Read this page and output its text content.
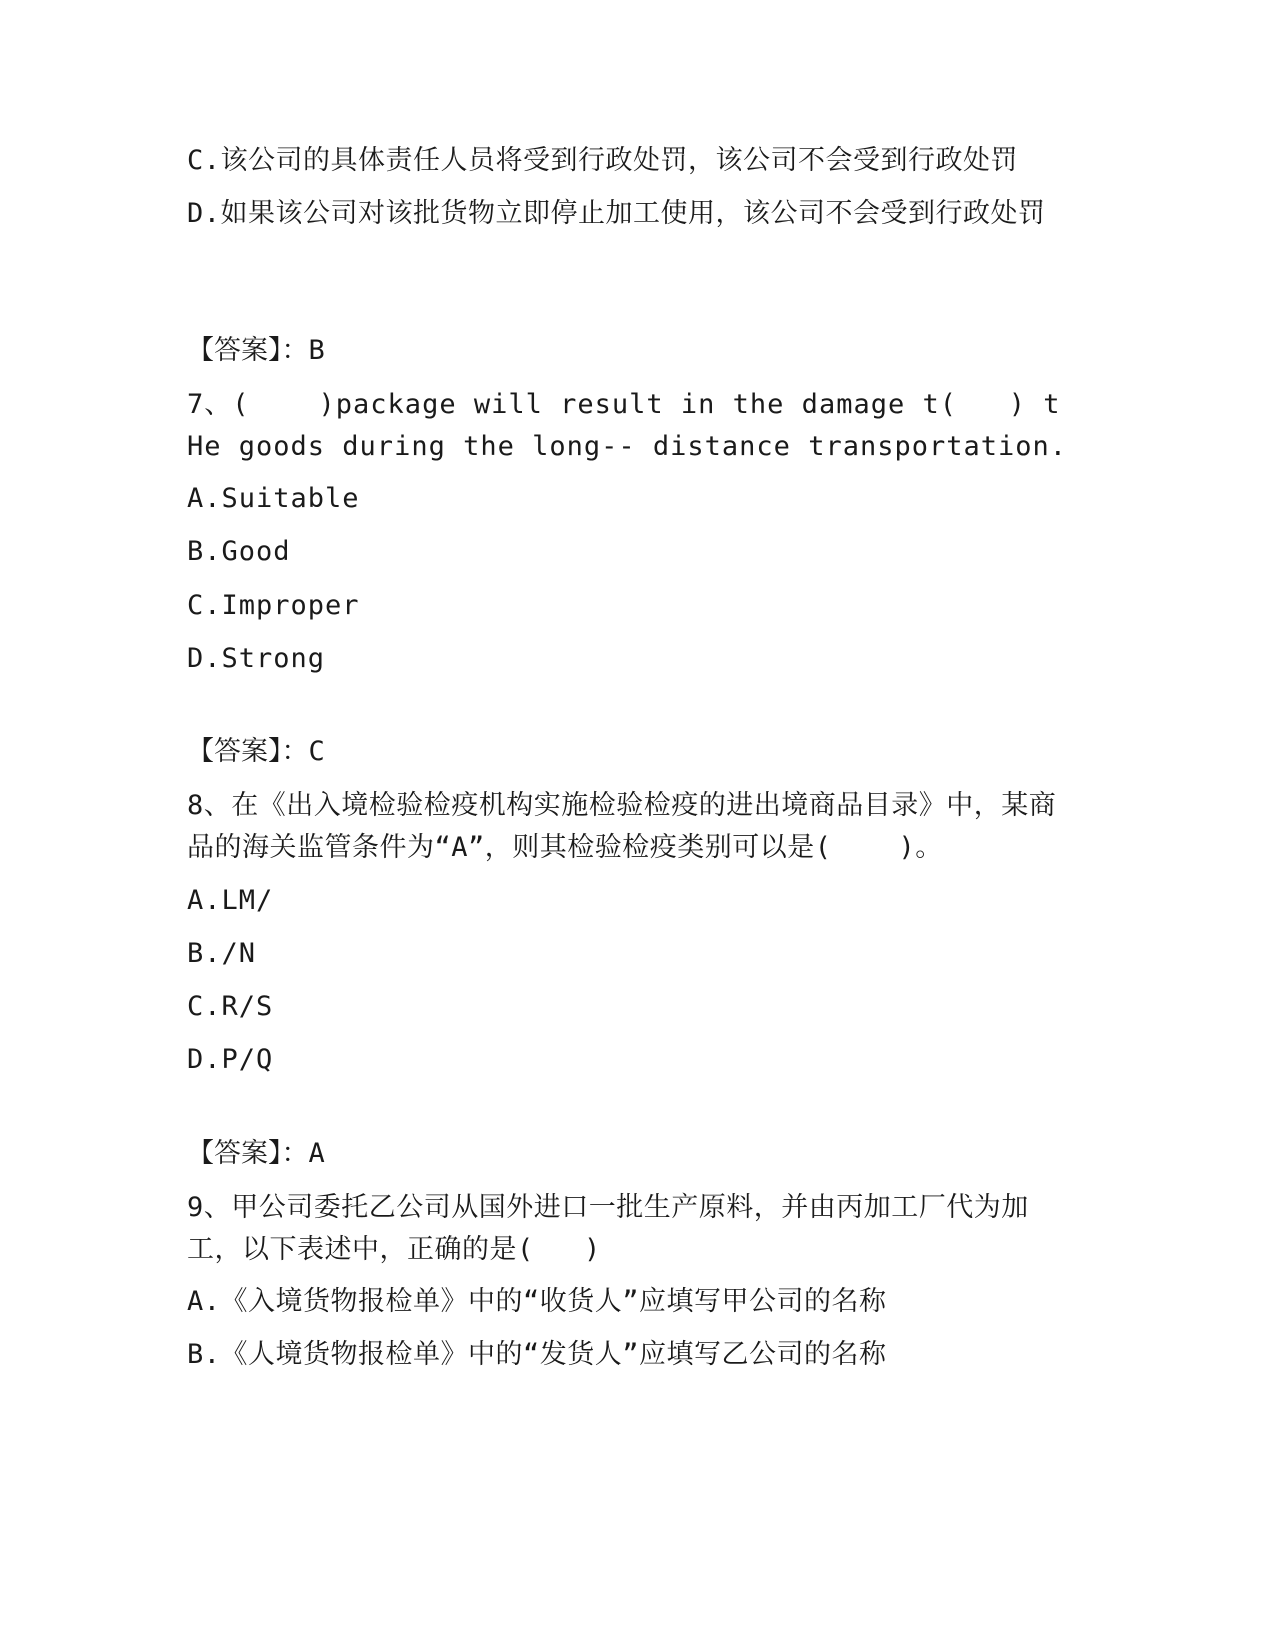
C.该公司的具体责任人员将受到行政处罚，该公司不会受到行政处罚
D.如果该公司对该批货物立即停止加工使用，该公司不会受到行政处罚
【答案】：B
7、(    )package will result in the damage t(   ) t He goods during the long-- distance transportation.
A.Suitable
B.Good
C.Improper
D.Strong
【答案】：C
8、在《出入境检验检疫机构实施检验检疫的进出境商品目录》中，某商品的海关监管条件为“A”，则其检验检疫类别可以是(    )。
A.LM/
B./N
C.R/S
D.P/Q
【答案】：A
9、甲公司委托乙公司从国外进口一批生产原料，并由丙加工厂代为加工，以下表述中，正确的是(   )
A.《入境货物报检单》中的“收货人”应填写甲公司的名称
B.《人境货物报检单》中的“发货人”应填写乙公司的名称
